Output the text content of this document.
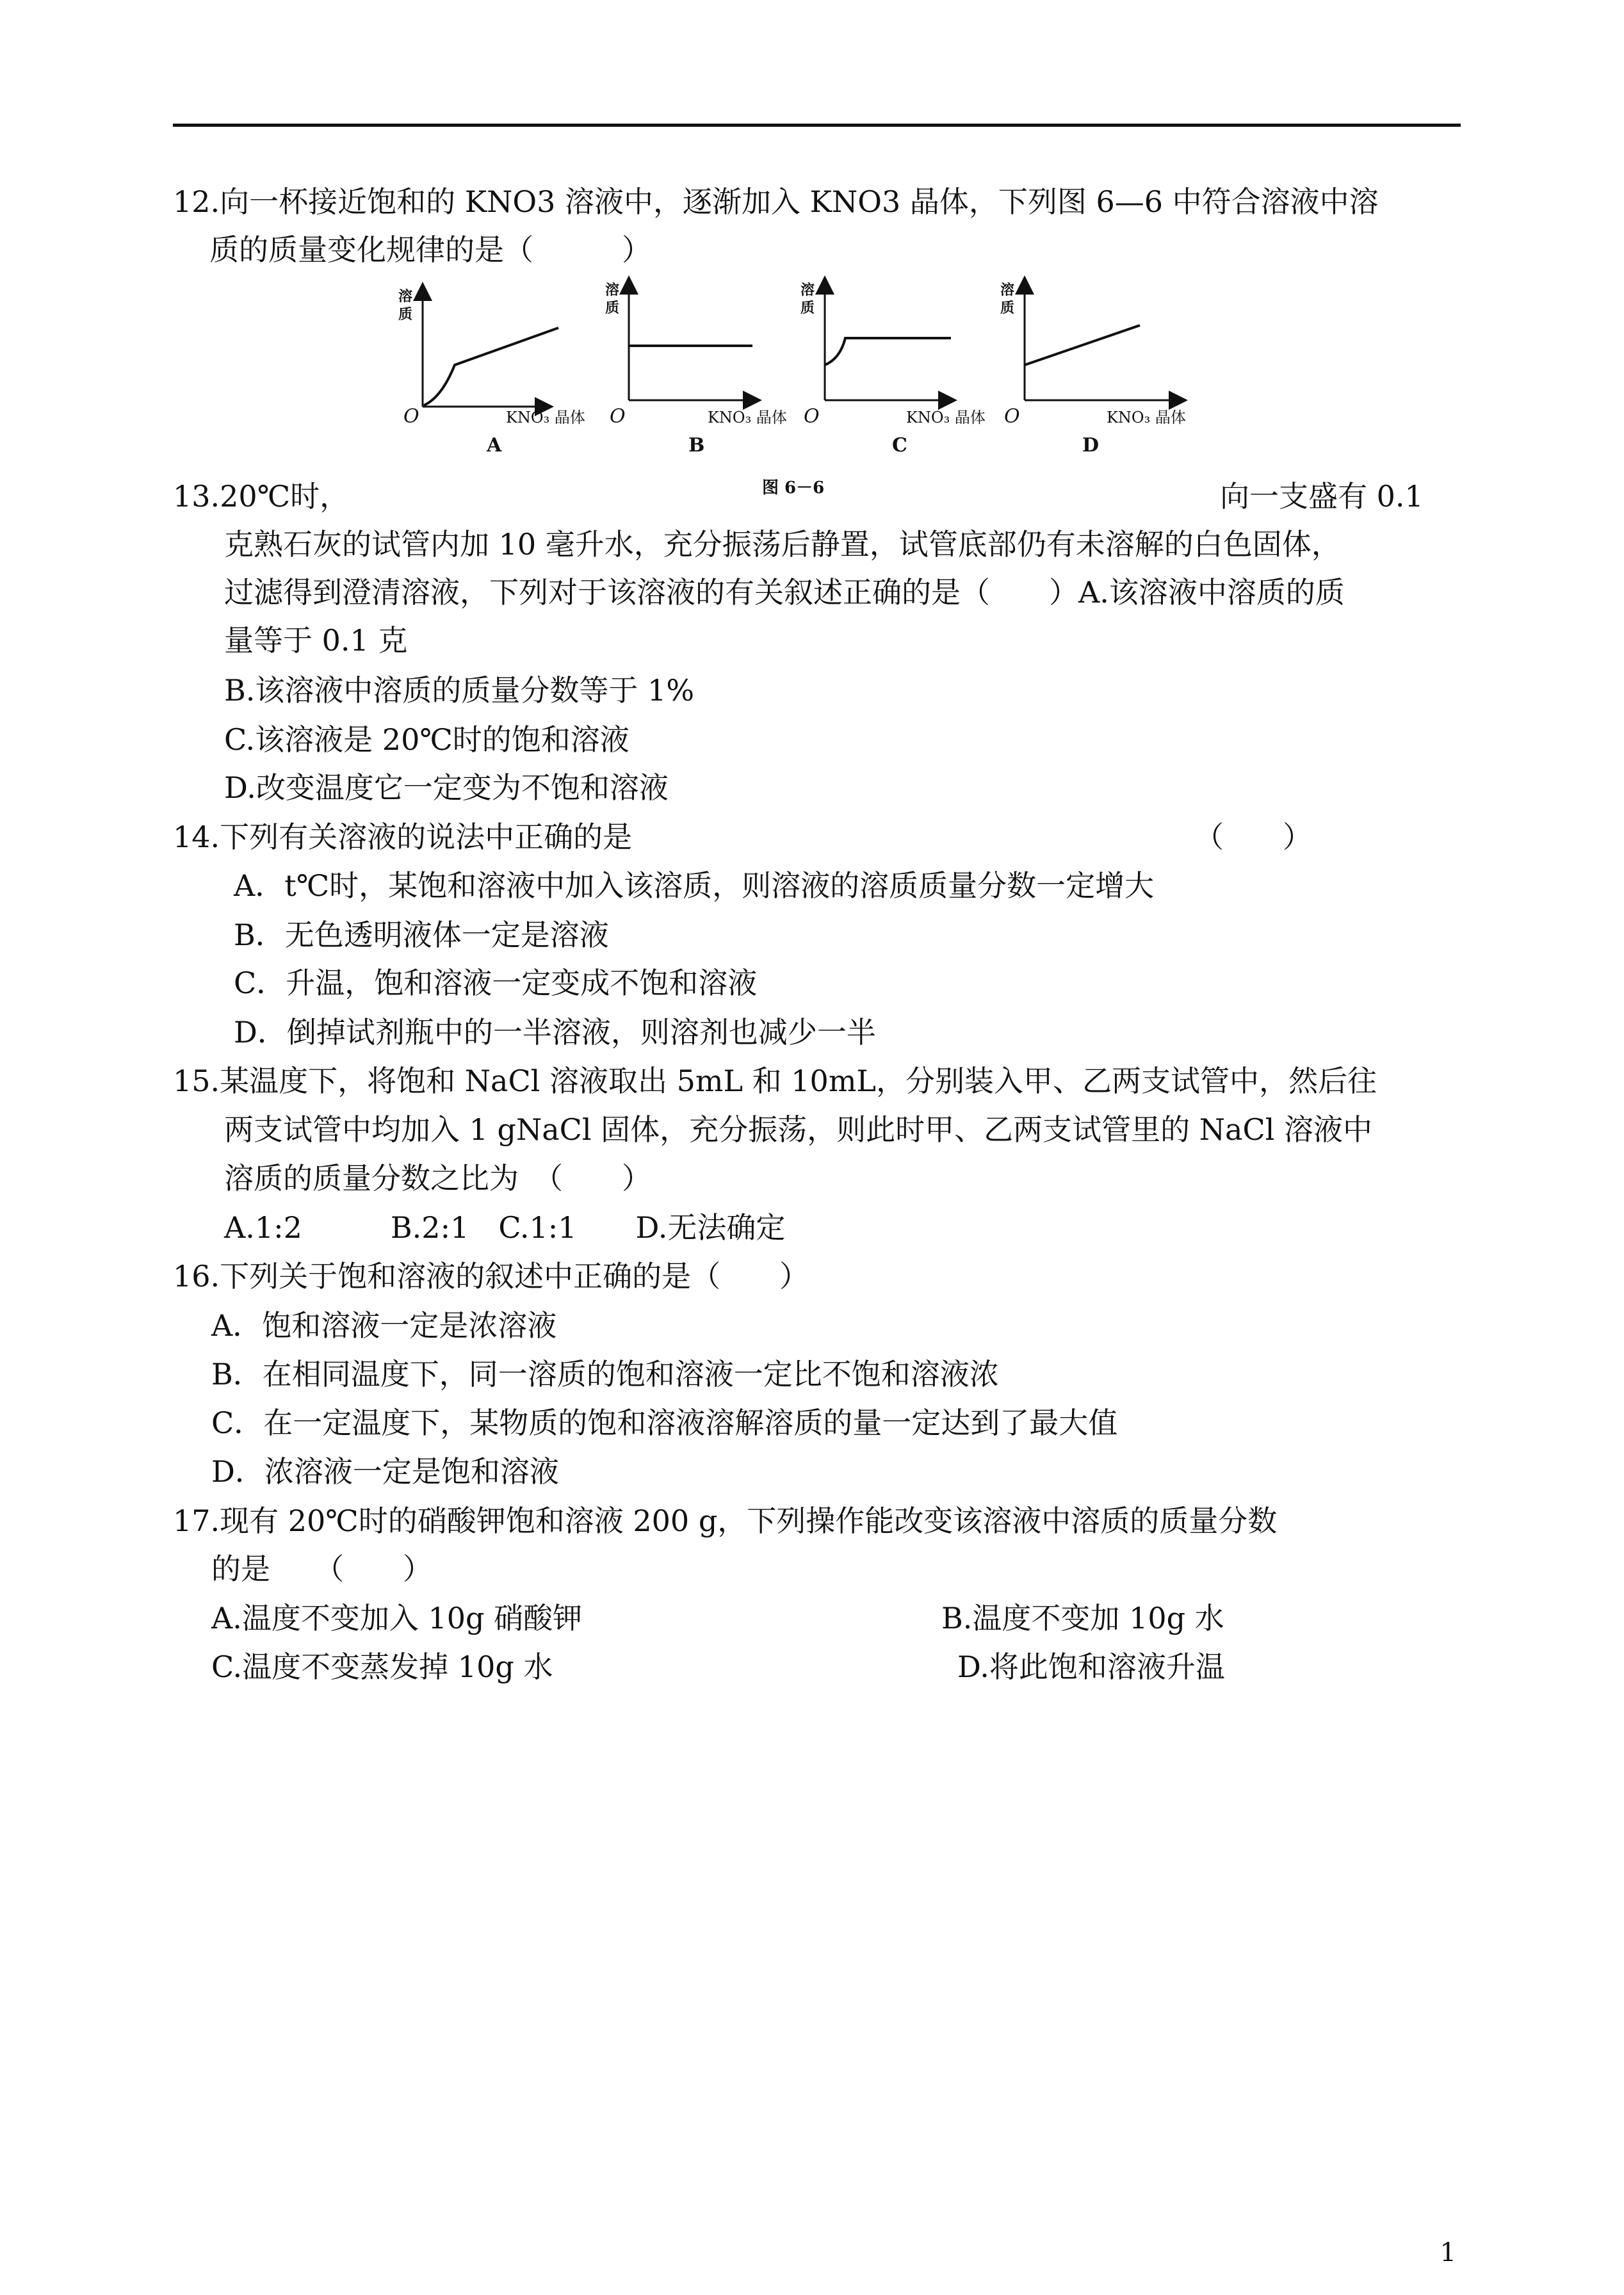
12.向一杯接近饱和的 KNO3 溶液中，逐渐加入 KNO3 晶体，下列图 6—6 中符合溶液中溶
质的质量变化规律的是（　　　）
溶
质
O	KNO₃ 晶体
A
溶
质
O	KNO₃ 晶体
B
溶
质
O	KNO₃ 晶体
C
溶
质
O	KNO₃ 晶体
D
图 6－6
13.20℃时，	向一支盛有 0.1
克熟石灰的试管内加 10 毫升水，充分振荡后静置，试管底部仍有未溶解的白色固体，
过滤得到澄清溶液，下列对于该溶液的有关叙述正确的是（　　）A.该溶液中溶质的质
量等于 0.1 克
B.该溶液中溶质的质量分数等于 1%
C.该溶液是 20℃时的饱和溶液
D.改变温度它一定变为不饱和溶液
14.下列有关溶液的说法中正确的是	（　　）
A．t℃时，某饱和溶液中加入该溶质，则溶液的溶质质量分数一定增大
B．无色透明液体一定是溶液
C．升温，饱和溶液一定变成不饱和溶液
D．倒掉试剂瓶中的一半溶液，则溶剂也减少一半
15.某温度下，将饱和 NaCl 溶液取出 5mL 和 10mL，分别装入甲、乙两支试管中，然后往
两支试管中均加入 1 gNaCl 固体，充分振荡，则此时甲、乙两支试管里的 NaCl 溶液中
溶质的质量分数之比为　（　　）
A.1:2　　　B.2:1　C.1:1　　D.无法确定
16.下列关于饱和溶液的叙述中正确的是（　　）
A．饱和溶液一定是浓溶液
B．在相同温度下，同一溶质的饱和溶液一定比不饱和溶液浓
C．在一定温度下，某物质的饱和溶液溶解溶质的量一定达到了最大值
D．浓溶液一定是饱和溶液
17.现有 20℃时的硝酸钾饱和溶液 200 g，下列操作能改变该溶液中溶质的质量分数
的是　　（　　）
A.温度不变加入 10g 硝酸钾	B.温度不变加 10g 水
C.温度不变蒸发掉 10g 水	D.将此饱和溶液升温
1
